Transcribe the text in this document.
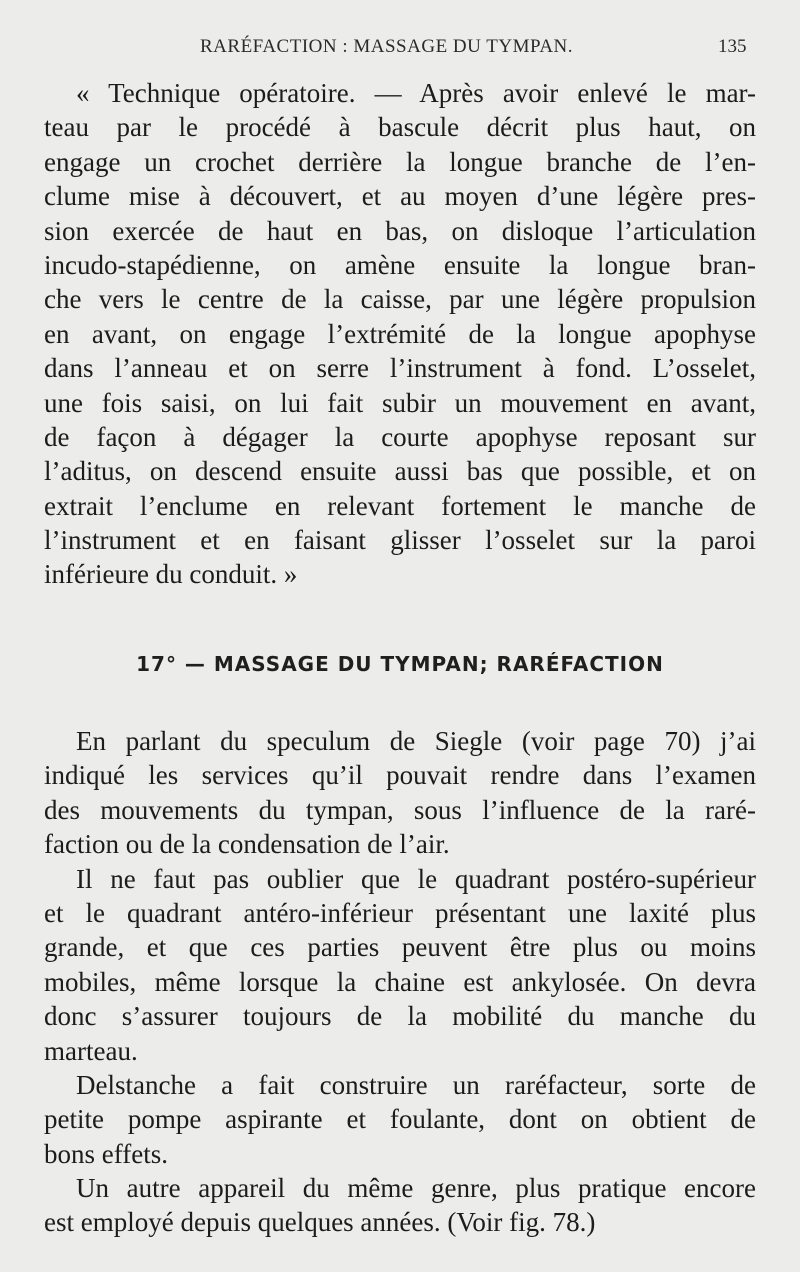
RARÉFACTION : MASSAGE DU TYMPAN.	135
« Technique opératoire. — Après avoir enlevé le mar-
teau par le procédé à bascule décrit plus haut, on
engage un crochet derrière la longue branche de l’en-
clume mise à découvert, et au moyen d’une légère pres-
sion exercée de haut en bas, on disloque l’articulation
incudo-stapédienne, on amène ensuite la longue bran-
che vers le centre de la caisse, par une légère propulsion
en avant, on engage l’extrémité de la longue apophyse
dans l’anneau et on serre l’instrument à fond. L’osselet,
une fois saisi, on lui fait subir un mouvement en avant,
de façon à dégager la courte apophyse reposant sur
l’aditus, on descend ensuite aussi bas que possible, et on
extrait l’enclume en relevant fortement le manche de
l’instrument et en faisant glisser l’osselet sur la paroi
inférieure du conduit. »
17° — MASSAGE DU TYMPAN; RARÉFACTION
En parlant du speculum de Siegle (voir page 70) j’ai
indiqué les services qu’il pouvait rendre dans l’examen
des mouvements du tympan, sous l’influence de la raré-
faction ou de la condensation de l’air.
Il ne faut pas oublier que le quadrant postéro-supérieur
et le quadrant antéro-inférieur présentant une laxité plus
grande, et que ces parties peuvent être plus ou moins
mobiles, même lorsque la chaine est ankylosée. On devra
donc s’assurer toujours de la mobilité du manche du
marteau.
Delstanche a fait construire un raréfacteur, sorte de
petite pompe aspirante et foulante, dont on obtient de
bons effets.
Un autre appareil du même genre, plus pratique encore
est employé depuis quelques années. (Voir fig. 78.)
